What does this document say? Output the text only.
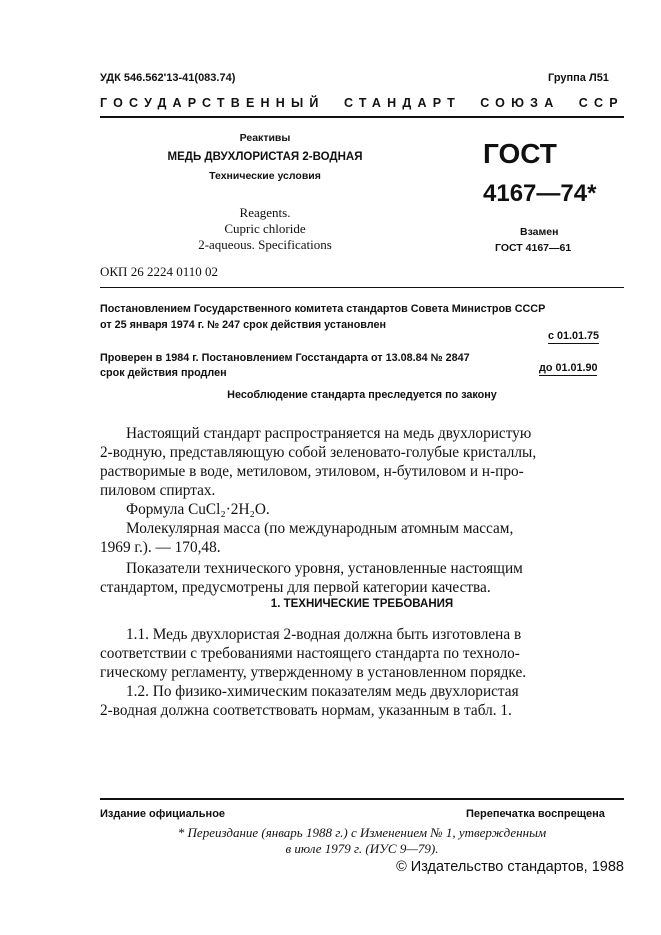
УДК 546.562'13-41(083.74)	Группа Л51
ГОСУДАРСТВЕННЫЙ  СТАНДАРТ  СОЮЗА  ССР
Реактивы
МЕДЬ ДВУХЛОРИСТАЯ 2-ВОДНАЯ
Технические условия
Reagents.
Cupric chloride
2-aqueous. Specifications
ОКП 26 2224 0110 02
ГОСТ
4167—74*
Взамен
ГОСТ 4167—61
Постановлением Государственного комитета стандартов Совета Министров СССР
от 25 января 1974 г. № 247 срок действия установлен
с 01.01.75
Проверен в 1984 г. Постановлением Госстандарта от 13.08.84 № 2847
срок действия продлен	до 01.01.90
Несоблюдение стандарта преследуется по закону

Настоящий стандарт распространяется на медь двухлористую

2-водную, представляющую собой зеленовато-голубые кристаллы,

растворимые в воде, метиловом, этиловом, н-бутиловом и н-про-

пиловом спиртах.

Формула CuCl₂·2H₂O.

Молекулярная масса (по международным атомным массам,

1969 г.). — 170,48.

Показатели технического уровня, установленные настоящим

стандартом, предусмотрены для первой категории качества.

1. ТЕХНИЧЕСКИЕ ТРЕБОВАНИЯ

1.1. Медь двухлористая 2-водная должна быть изготовлена в

соответствии с требованиями настоящего стандарта по техноло-

гическому регламенту, утвержденному в установленном порядке.

1.2. По физико-химическим показателям медь двухлористая

2-водная должна соответствовать нормам, указанным в табл. 1.

Издание официальное	Перепечатка воспрещена
* Переиздание (январь 1988 г.) с Изменением № 1, утвержденным
в июле 1979 г. (ИУС 9—79).
© Издательство стандартов, 1988
